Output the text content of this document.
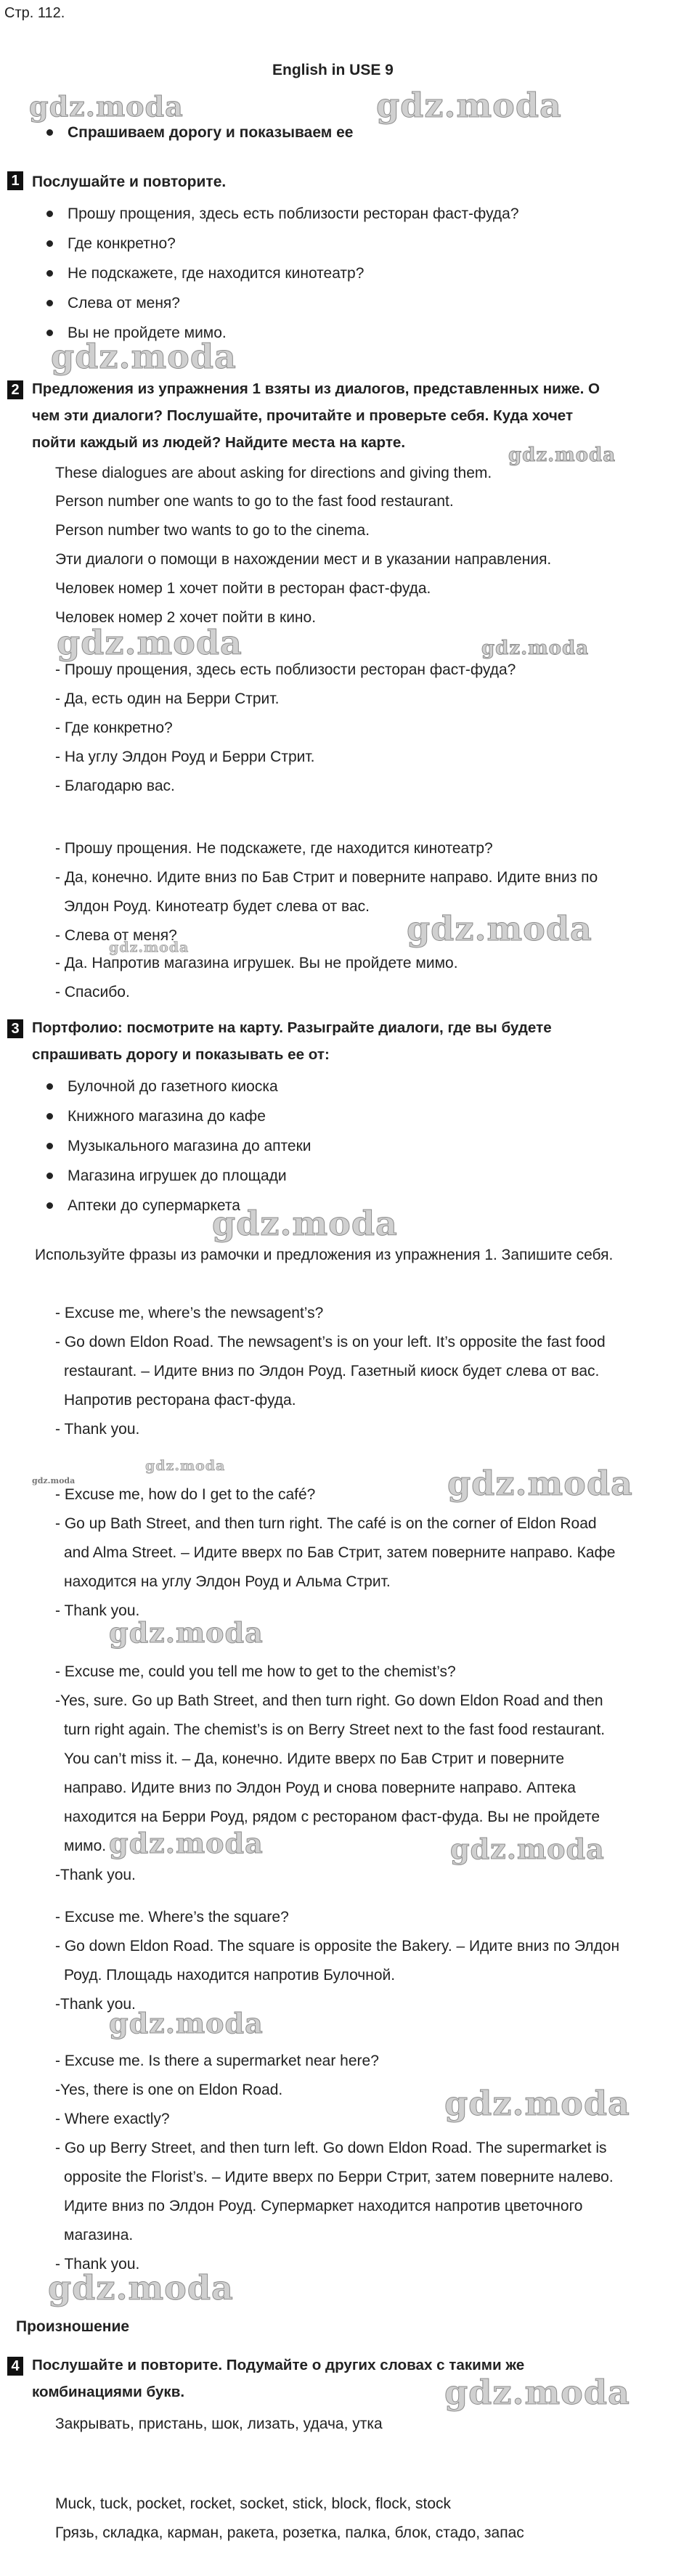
Стр. 112.
English in USE 9
gdz.moda	gdz.moda
Спрашиваем дорогу и показываем ее
1 Послушайте и повторите.
Прошу прощения, здесь есть поблизости ресторан фаст-фуда?
Где конкретно?
Не подскажете, где находится кинотеатр?
Слева от меня?
Вы не пройдете мимо.
gdz.moda
2 Предложения из упражнения 1 взяты из диалогов, представленных ниже. О
чем эти диалоги? Послушайте, прочитайте и проверьте себя. Куда хочет
пойти каждый из людей? Найдите места на карте.
gdz.moda
These dialogues are about asking for directions and giving them.
Person number one wants to go to the fast food restaurant.
Person number two wants to go to the cinema.
Эти диалоги о помощи в нахождении мест и в указании направления.
Человек номер 1 хочет пойти в ресторан фаст-фуда.
Человек номер 2 хочет пойти в кино.
gdz.moda	gdz.moda
- Прошу прощения, здесь есть поблизости ресторан фаст-фуда?
- Да, есть один на Берри Стрит.
- Где конкретно?
- На углу Элдон Роуд и Берри Стрит.
- Благодарю вас.
- Прошу прощения. Не подскажете, где находится кинотеатр?
- Да, конечно. Идите вниз по Бав Стрит и поверните направо. Идите вниз по
Элдон Роуд. Кинотеатр будет слева от вас.
- Слева от меня?
gdz.moda	gdz.moda
- Да. Напротив магазина игрушек. Вы не пройдете мимо.
- Спасибо.
3 Портфолио: посмотрите на карту. Разыграйте диалоги, где вы будете
спрашивать дорогу и показывать ее от:
Булочной до газетного киоска
Книжного магазина до кафе
Музыкального магазина до аптеки
Магазина игрушек до площади
Аптеки до супермаркета
gdz.moda
Используйте фразы из рамочки и предложения из упражнения 1. Запишите себя.
- Excuse me, where’s the newsagent’s?
- Go down Eldon Road. The newsagent’s is on your left. It’s opposite the fast food
restaurant. – Идите вниз по Элдон Роуд. Газетный киоск будет слева от вас.
Напротив ресторана фаст-фуда.
- Thank you.
gdz.moda
gdz.moda	gdz.moda
- Excuse me, how do I get to the café?
- Go up Bath Street, and then turn right. The café is on the corner of Eldon Road
and Alma Street. – Идите вверх по Бав Стрит, затем поверните направо. Кафе
находится на углу Элдон Роуд и Альма Стрит.
- Thank you.
gdz.moda
- Excuse me, could you tell me how to get to the chemist’s?
-Yes, sure. Go up Bath Street, and then turn right. Go down Eldon Road and then
turn right again. The chemist’s is on Berry Street next to the fast food restaurant.
You can’t miss it. – Да, конечно. Идите вверх по Бав Стрит и поверните
направо. Идите вниз по Элдон Роуд и снова поверните направо. Аптека
находится на Берри Роуд, рядом с рестораном фаст-фуда. Вы не пройдете
мимо. gdz.moda	gdz.moda
-Thank you.
- Excuse me. Where’s the square?
- Go down Eldon Road. The square is opposite the Bakery. – Идите вниз по Элдон
Роуд. Площадь находится напротив Булочной.
-Thank you.
gdz.moda
- Excuse me. Is there a supermarket near here?
-Yes, there is one on Eldon Road.	gdz.moda
- Where exactly?
- Go up Berry Street, and then turn left. Go down Eldon Road. The supermarket is
opposite the Florist’s. – Идите вверх по Берри Стрит, затем поверните налево.
Идите вниз по Элдон Роуд. Супермаркет находится напротив цветочного
магазина.
- Thank you.
gdz.moda
Произношение
4 Послушайте и повторите. Подумайте о других словах с такими же
комбинациями букв.	gdz.moda
Закрывать, пристань, шок, лизать, удача, утка
Muck, tuck, pocket, rocket, socket, stick, block, flock, stock
Грязь, складка, карман, ракета, розетка, палка, блок, стадо, запас
